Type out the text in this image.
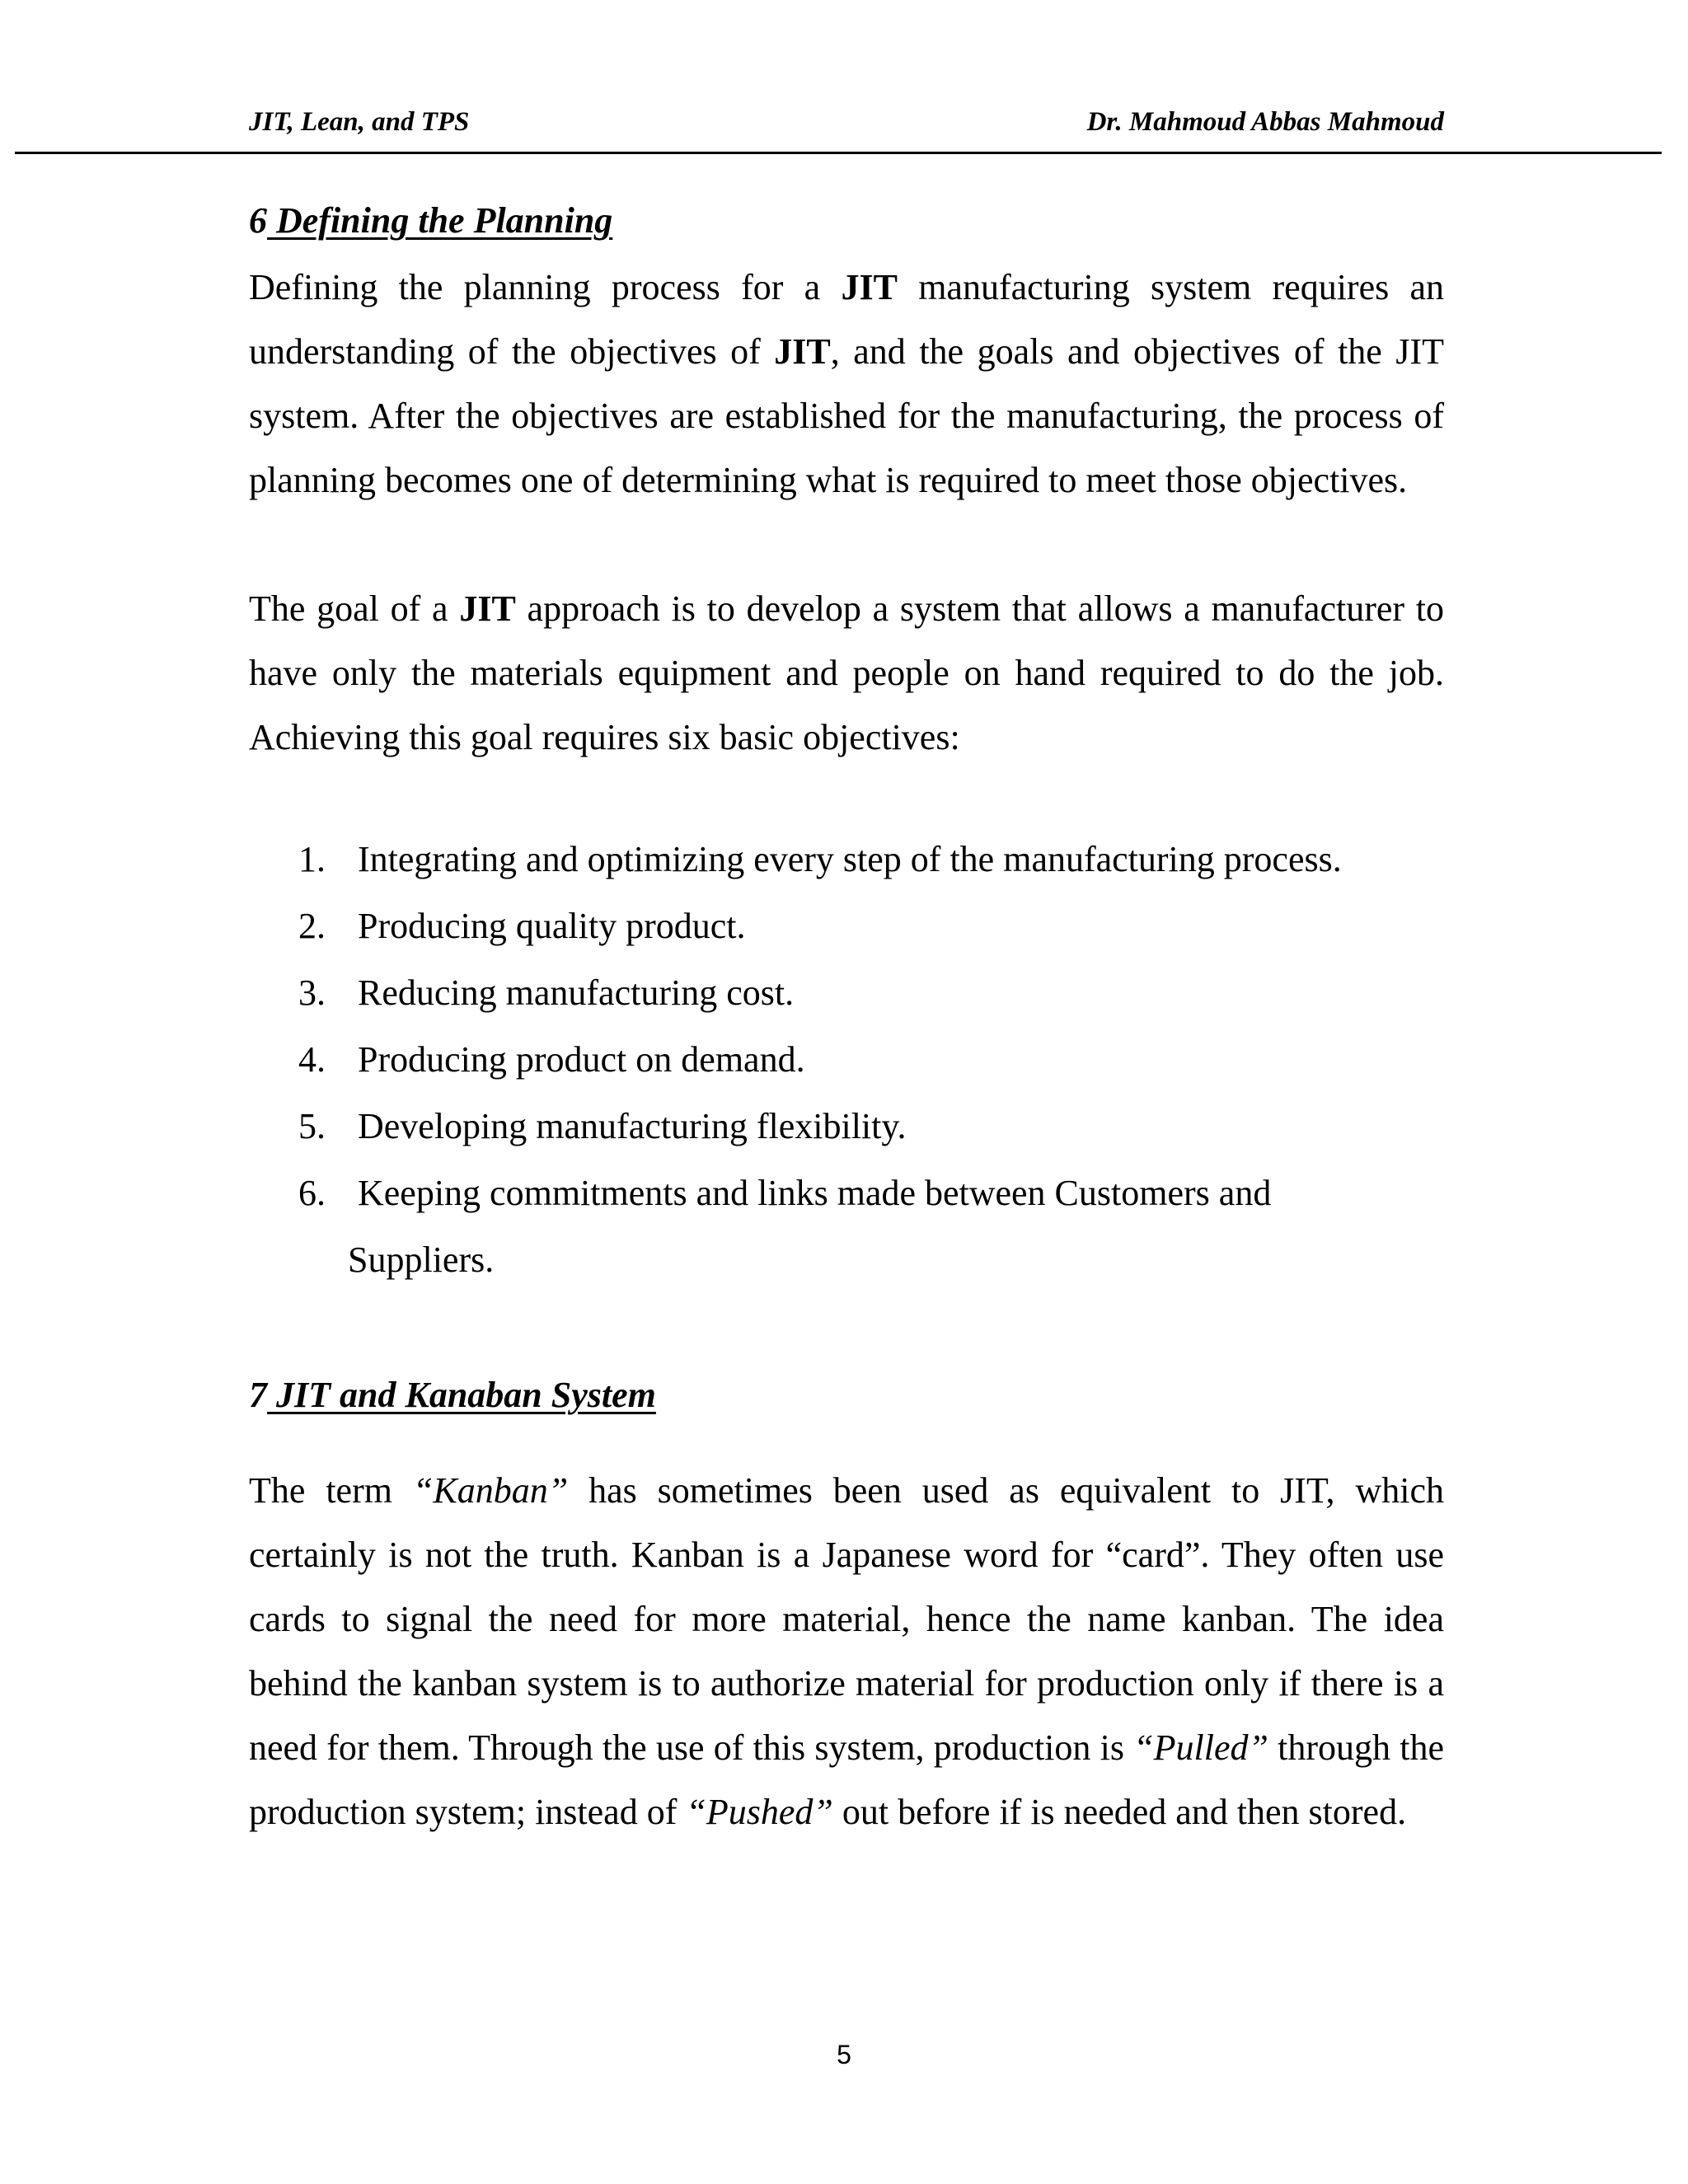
JIT, Lean, and TPS	Dr. Mahmoud Abbas Mahmoud
6 Defining the Planning
Defining the planning process for a JIT manufacturing system requires an understanding of the objectives of JIT, and the goals and objectives of the JIT system. After the objectives are established for the manufacturing, the process of planning becomes one of determining what is required to meet those objectives.
The goal of a JIT approach is to develop a system that allows a manufacturer to have only the materials equipment and people on hand required to do the job. Achieving this goal requires six basic objectives:
1. Integrating and optimizing every step of the manufacturing process.
2. Producing quality product.
3. Reducing manufacturing cost.
4. Producing product on demand.
5. Developing manufacturing flexibility.
6. Keeping commitments and links made between Customers and
Suppliers.
7 JIT and Kanaban System
The term “Kanban” has sometimes been used as equivalent to JIT, which certainly is not the truth. Kanban is a Japanese word for “card”. They often use cards to signal the need for more material, hence the name kanban. The idea behind the kanban system is to authorize material for production only if there is a need for them. Through the use of this system, production is “Pulled” through the production system; instead of “Pushed” out before if is needed and then stored.
5
